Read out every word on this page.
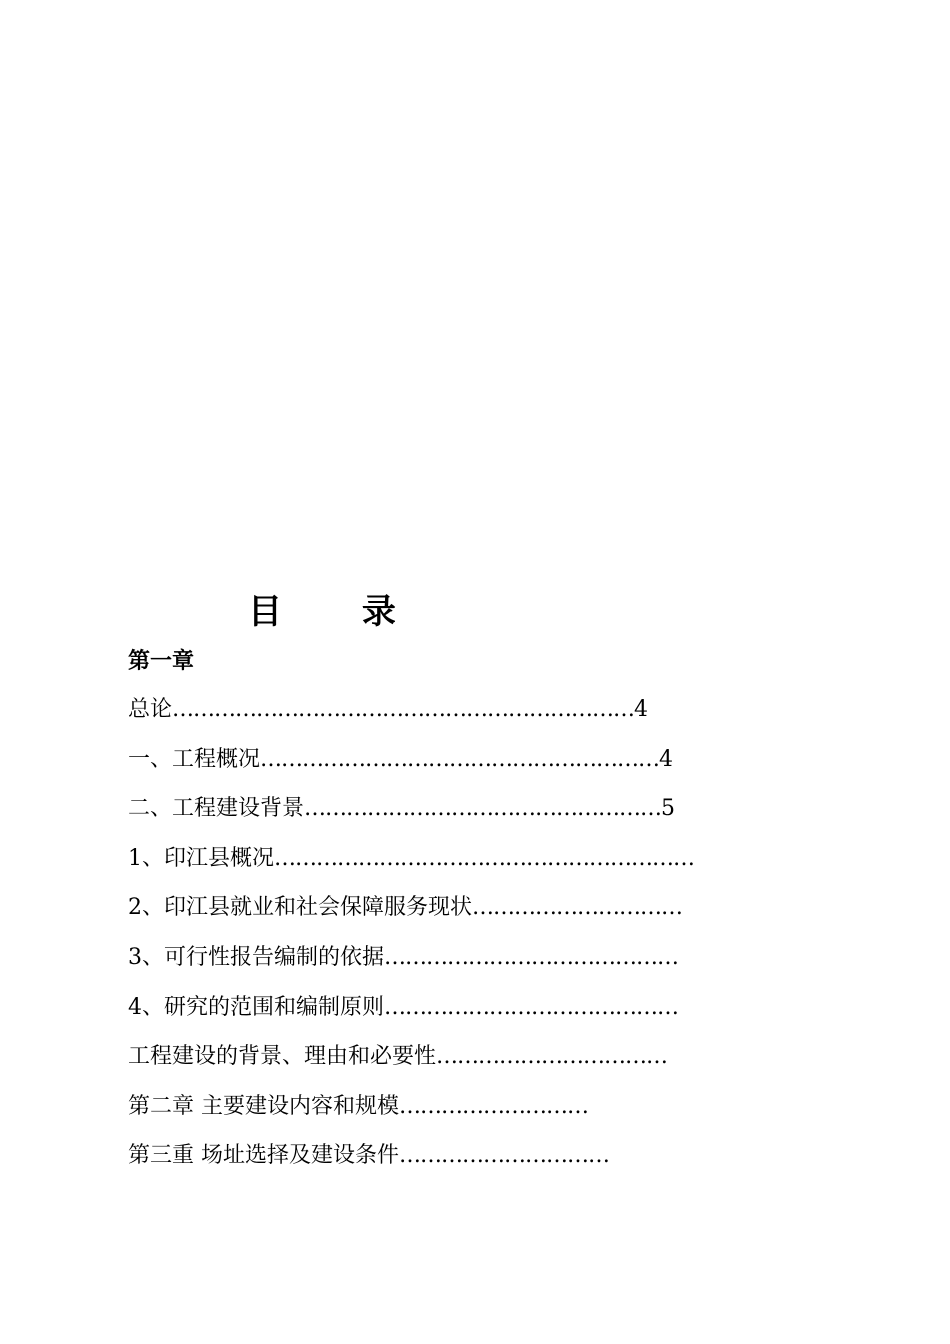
目 录
第一章
总论…………………………………………………………4
一、工程概况…………………………………………………4
二、工程建设背景……………………………………………5
1、印江县概况……………………………………………………
2、印江县就业和社会保障服务现状…………………………
3、可行性报告编制的依据……………………………………
4、研究的范围和编制原则……………………………………
工程建设的背景、理由和必要性……………………………
第二章 主要建设内容和规模………………………
第三重 场址选择及建设条件…………………………
